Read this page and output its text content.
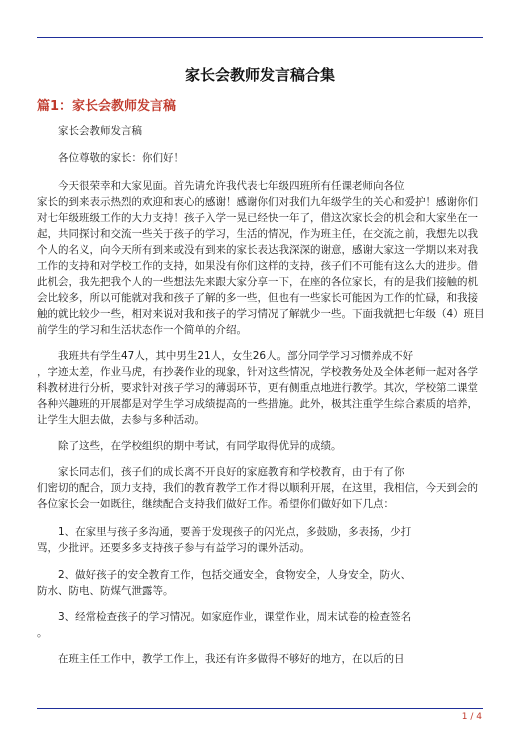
家长会教师发言稿合集
篇1：家长会教师发言稿
家长会教师发言稿
各位尊敬的家长：你们好！
今天很荣幸和大家见面。首先请允许我代表七年级四班所有任课老师向各位
家长的到来表示热烈的欢迎和衷心的感谢！感谢你们对我们九年级学生的关心和爱护！感谢你们
对七年级班级工作的大力支持！孩子入学一晃已经快一年了，借这次家长会的机会和大家坐在一
起，共同探讨和交流一些关于孩子的学习，生活的情况，作为班主任，在交流之前，我想先以我
个人的名义，向今天所有到来或没有到来的家长表达我深深的谢意，感谢大家这一学期以来对我
工作的支持和对学校工作的支持，如果没有你们这样的支持，孩子们不可能有这么大的进步。借
此机会，我先把我个人的一些想法先来跟大家分享一下，在座的各位家长，有的是我们接触的机
会比较多，所以可能就对我和孩子了解的多一些，但也有一些家长可能因为工作的忙碌，和我接
触的就比较少一些，相对来说对我和孩子的学习情况了解就少一些。下面我就把七年级（4）班目
前学生的学习和生活状态作一个简单的介绍。
我班共有学生47人，其中男生21人，女生26人。部分同学学习习惯养成不好
，字迹太差，作业马虎，有抄袭作业的现象，针对这些情况，学校教务处及全体老师一起对各学
科教材进行分析，要求针对孩子学习的薄弱环节，更有侧重点地进行教学。其次，学校第二课堂
各种兴趣班的开展都是对学生学习成绩提高的一些措施。此外，极其注重学生综合素质的培养，
让学生大胆去做，去参与多种活动。
除了这些，在学校组织的期中考试，有同学取得优异的成绩。
家长同志们，孩子们的成长离不开良好的家庭教育和学校教育，由于有了你
们密切的配合，顶力支持，我们的教育教学工作才得以顺利开展，在这里，我相信，今天到会的
各位家长会一如既往，继续配合支持我们做好工作。希望你们做好如下几点：
1、在家里与孩子多沟通，要善于发现孩子的闪光点，多鼓励，多表扬，少打
骂，少批评。还要多多支持孩子参与有益学习的课外活动。
2、做好孩子的安全教育工作，包括交通安全，食物安全，人身安全，防火、
防水、防电、防煤气泄露等。
3、经常检查孩子的学习情况。如家庭作业，课堂作业，周末试卷的检查签名
。
在班主任工作中，教学工作上，我还有许多做得不够好的地方，在以后的日
1 / 4
